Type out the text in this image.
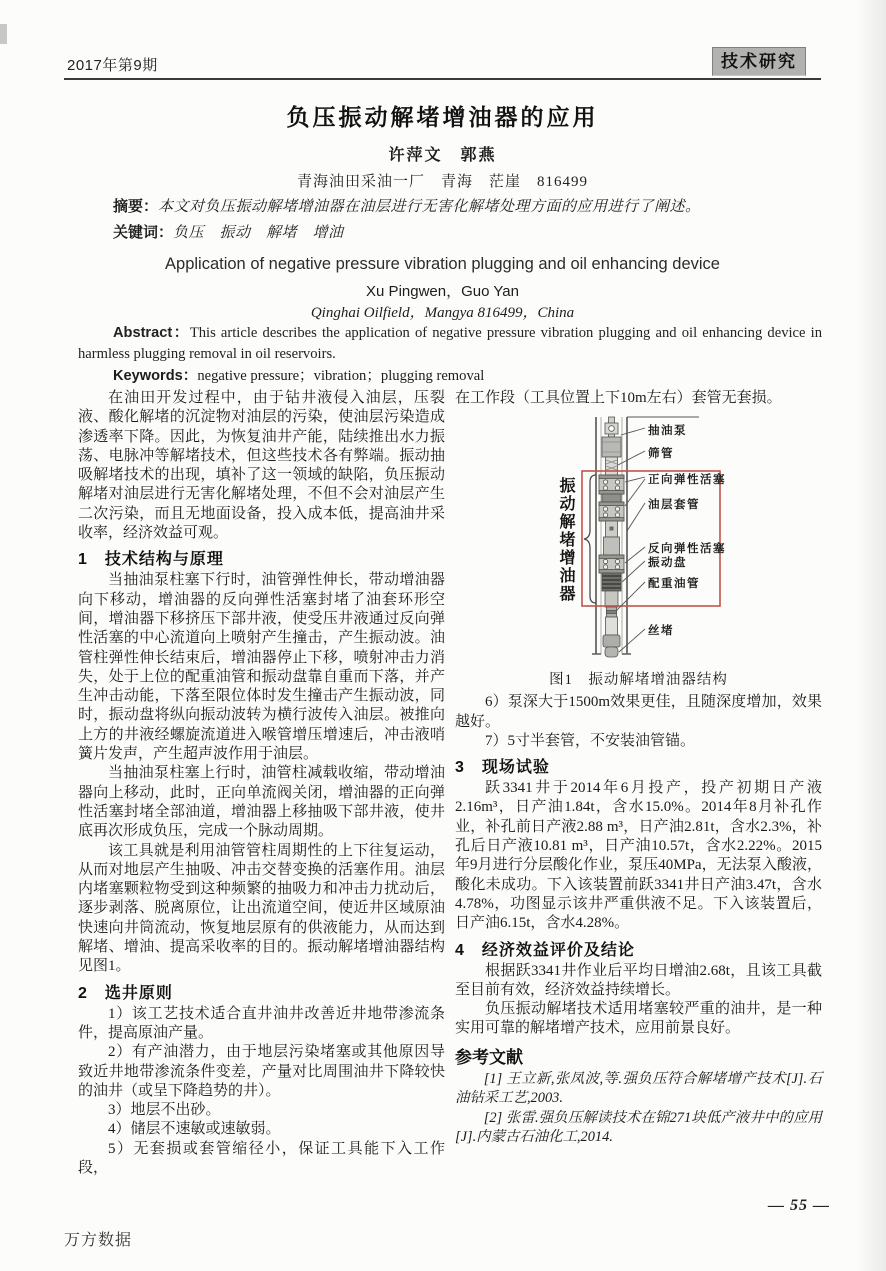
2017年第9期	技术研究
负压振动解堵增油器的应用
许萍文　郭燕
青海油田采油一厂　青海　茫崖　816499
摘要：本文对负压振动解堵增油器在油层进行无害化解堵处理方面的应用进行了阐述。
关键词：负压　振动　解堵　增油
Application of negative pressure vibration plugging and oil enhancing device
Xu Pingwen，Guo Yan
Qinghai Oilfield，Mangya 816499，China
Abstract：This article describes the application of negative pressure vibration plugging and oil enhancing device in harmless plugging removal in oil reservoirs.
Keywords：negative pressure；vibration；plugging removal

在油田开发过程中，由于钻井液侵入油层，压裂液、酸化解堵的沉淀物对油层的污染，使油层污染造成渗透率下降。因此，为恢复油井产能，陆续推出水力振荡、电脉冲等解堵技术，但这些技术各有弊端。振动抽吸解堵技术的出现，填补了这一领域的缺陷，负压振动解堵对油层进行无害化解堵处理，不但不会对油层产生二次污染，而且无地面设备，投入成本低，提高油井采收率，经济效益可观。

1　技术结构与原理

当抽油泵柱塞下行时，油管弹性伸长，带动增油器向下移动，增油器的反向弹性活塞封堵了油套环形空间，增油器下移挤压下部井液，使受压井液通过反向弹性活塞的中心流道向上喷射产生撞击，产生振动波。油管柱弹性伸长结束后，增油器停止下移，喷射冲击力消失，处于上位的配重油管和振动盘靠自重而下落，并产生冲击动能，下落至限位体时发生撞击产生振动波，同时，振动盘将纵向振动波转为横行波传入油层。被推向上方的井液经螺旋流道进入喉管增压增速后，冲击液哨簧片发声，产生超声波作用于油层。

当抽油泵柱塞上行时，油管柱减载收缩，带动增油器向上移动，此时，正向单流阀关闭，增油器的正向弹性活塞封堵全部油道，增油器上移抽吸下部井液，使井底再次形成负压，完成一个脉动周期。

该工具就是利用油管管柱周期性的上下往复运动，从而对地层产生抽吸、冲击交替变换的活塞作用。油层内堵塞颗粒物受到这种频繁的抽吸力和冲击力扰动后，逐步剥落、脱离原位，让出流道空间，使近井区域原油快速向井筒流动，恢复地层原有的供液能力，从而达到解堵、增油、提高采收率的目的。振动解堵增油器结构见图1。

2　选井原则

1）该工艺技术适合直井油井改善近井地带渗流条件，提高原油产量。

2）有产油潜力，由于地层污染堵塞或其他原因导致近井地带渗流条件变差，产量对比周围油井下降较快的油井（或呈下降趋势的井）。

3）地层不出砂。

4）储层不速敏或速敏弱。

5）无套损或套管缩径小，保证工具能下入工作段，

在工作段（工具位置上下10m左右）套管无套损。

振动解堵增油器
抽油泵
筛管
正向弹性活塞
油层套管
反向弹性活塞
振动盘
配重油管
丝堵
图1　振动解堵增油器结构

6）泵深大于1500m效果更佳，且随深度增加，效果越好。

7）5寸半套管，不安装油管锚。

3　现场试验

跃3341井于2014年6月投产，投产初期日产液2.16m³，日产油1.84t，含水15.0%。2014年8月补孔作业，补孔前日产液2.88 m³，日产油2.81t，含水2.3%，补孔后日产液10.81 m³，日产油10.57t，含水2.22%。2015年9月进行分层酸化作业，泵压40MPa，无法泵入酸液，酸化未成功。下入该装置前跃3341井日产油3.47t，含水4.78%，功图显示该井严重供液不足。下入该装置后，日产油6.15t，含水4.28%。

4　经济效益评价及结论

根据跃3341井作业后平均日增油2.68t，且该工具截至目前有效，经济效益持续增长。

负压振动解堵技术适用堵塞较严重的油井，是一种实用可靠的解堵增产技术，应用前景良好。

参考文献

[1] 王立新,张凤波,等.强负压符合解堵增产技术[J].石油钻采工艺,2003.

[2] 张雷.强负压解读技术在锦271块低产液井中的应用[J].内蒙古石油化工,2014.

— 55 —
万方数据
